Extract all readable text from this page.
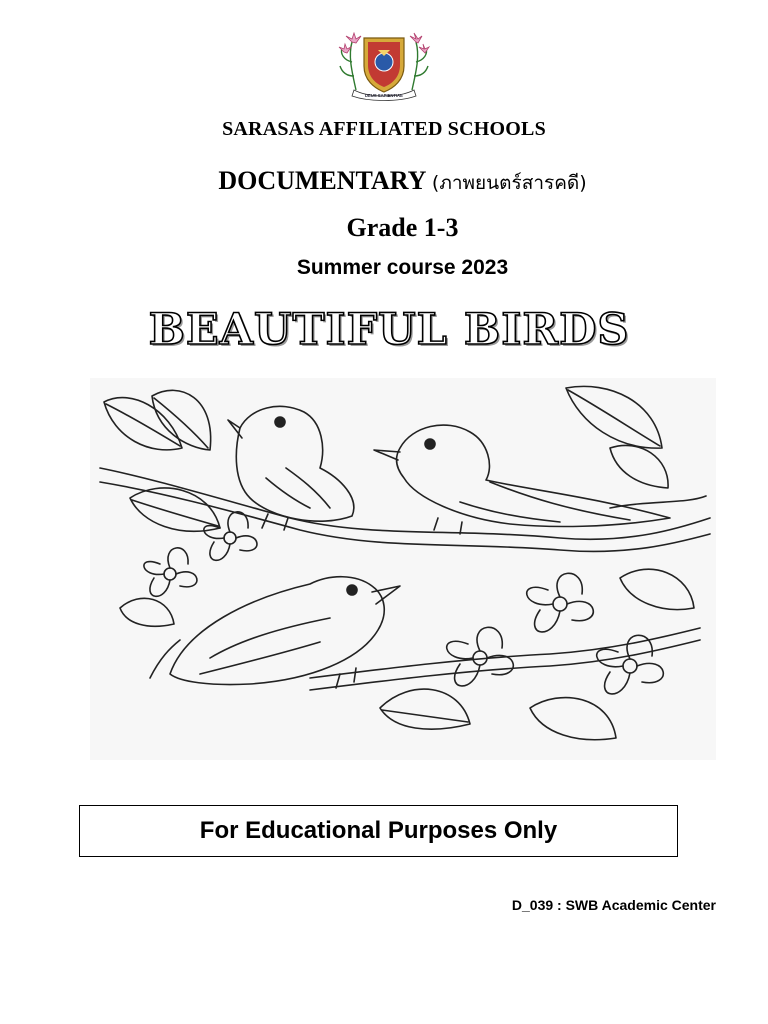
DEUS SAPIENTIAE
SARASAS AFFILIATED SCHOOLS
DOCUMENTARY (ภาพยนตร์สารคดี)
Grade 1-3
Summer course 2023
BEAUTIFUL BIRDS
For Educational Purposes Only
D_039 : SWB Academic Center
